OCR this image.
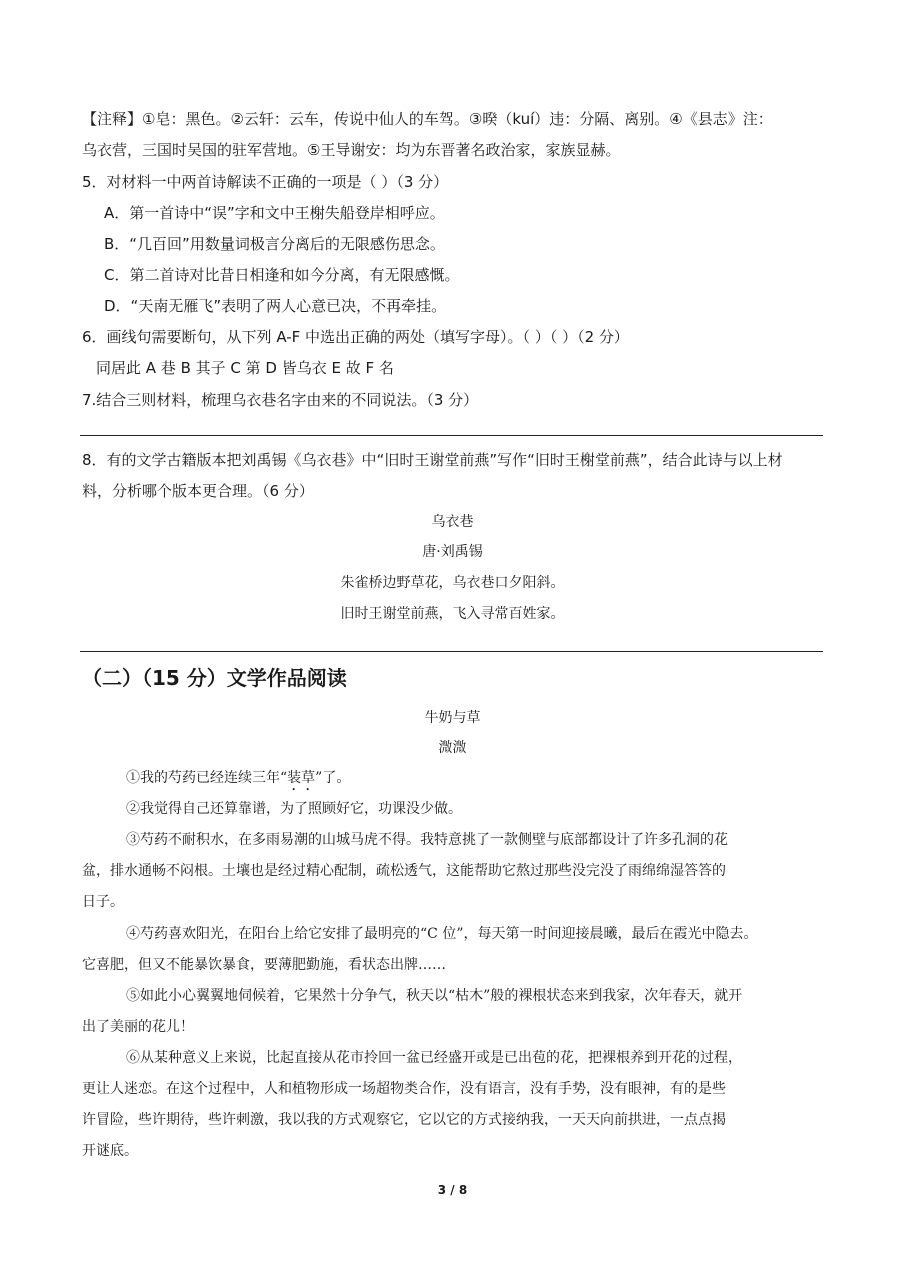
【注释】①皂：黑色。②云轩：云车，传说中仙人的车驾。③暌（kuí）违：分隔、离别。④《县志》注：
乌衣营，三国时吴国的驻军营地。⑤王导谢安：均为东晋著名政治家，家族显赫。
5．对材料一中两首诗解读不正确的一项是（ ）（3 分）
A．第一首诗中“误”字和文中王榭失船登岸相呼应。
B．“几百回”用数量词极言分离后的无限感伤思念。
C．第二首诗对比昔日相逢和如今分离，有无限感慨。
D．“天南无雁飞”表明了两人心意已决，不再牵挂。
6．画线句需要断句，从下列 A-F 中选出正确的两处（填写字母）。（ ）（ ）（2 分）
同居此 A 巷 B 其子 C 第 D 皆乌衣 E 故 F 名
7.结合三则材料，梳理乌衣巷名字由来的不同说法。（3 分）
8．有的文学古籍版本把刘禹锡《乌衣巷》中“旧时王谢堂前燕”写作“旧时王榭堂前燕”，结合此诗与以上材
料，分析哪个版本更合理。（6 分）
乌衣巷
唐·刘禹锡
朱雀桥边野草花，乌衣巷口夕阳斜。
旧时王谢堂前燕，飞入寻常百姓家。
（二）（15 分）文学作品阅读
牛奶与草
溦溦
①我的芍药已经连续三年“装草”了。
②我觉得自己还算靠谱，为了照顾好它，功课没少做。
③芍药不耐积水，在多雨易潮的山城马虎不得。我特意挑了一款侧壁与底部都设计了许多孔洞的花
盆，排水通畅不闷根。土壤也是经过精心配制，疏松透气，这能帮助它熬过那些没完没了雨绵绵湿答答的
日子。
④芍药喜欢阳光，在阳台上给它安排了最明亮的“C 位”，每天第一时间迎接晨曦，最后在霞光中隐去。
它喜肥，但又不能暴饮暴食，要薄肥勤施，看状态出牌……
⑤如此小心翼翼地伺候着，它果然十分争气，秋天以“枯木”般的裸根状态来到我家，次年春天，就开
出了美丽的花儿！
⑥从某种意义上来说，比起直接从花市拎回一盆已经盛开或是已出苞的花，把裸根养到开花的过程，
更让人迷恋。在这个过程中，人和植物形成一场超物类合作，没有语言，没有手势，没有眼神，有的是些
许冒险，些许期待，些许刺激，我以我的方式观察它，它以它的方式接纳我，一天天向前拱进，一点点揭
开谜底。
3 / 8
